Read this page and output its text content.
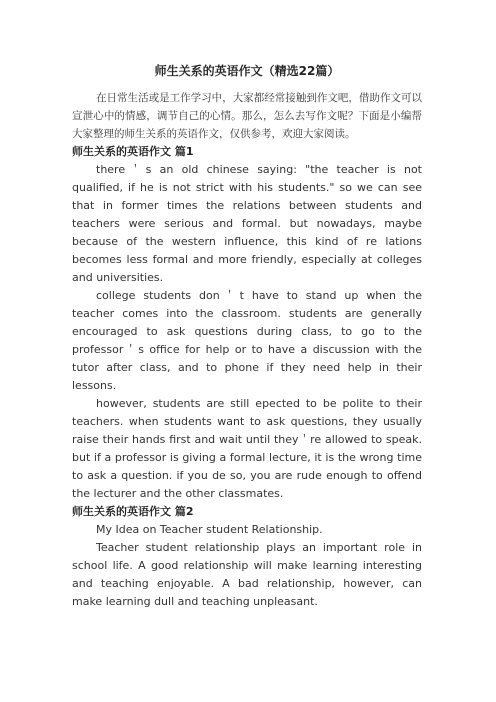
师生关系的英语作文（精选22篇）

在日常生活或是工作学习中，大家都经常接触到作文吧，借助作文可以宣泄心中的情感，调节自己的心情。那么，怎么去写作文呢？下面是小编帮大家整理的师生关系的英语作文，仅供参考，欢迎大家阅读。

师生关系的英语作文 篇1

there＇s an old chinese saying: "the teacher is not qualified, if he is not strict with his students." so we can see that in former times the relations between students and teachers were serious and formal. but nowadays, maybe because of the western influence, this kind of re lations becomes less formal and more friendly, especially at colleges and universities.

college students don＇t have to stand up when the teacher comes into the classroom. students are generally encouraged to ask questions during class, to go to the professor＇s office for help or to have a discussion with the tutor after class, and to phone if they need help in their lessons.

however, students are still epected to be polite to their teachers. when students want to ask questions, they usually raise their hands first and wait until they＇re allowed to speak. but if a professor is giving a formal lecture, it is the wrong time to ask a question. if you de so, you are rude enough to offend the lecturer and the other classmates.

师生关系的英语作文 篇2

My Idea on Teacher student Relationship.

Teacher student relationship plays an important role in school life. A good relationship will make learning interesting and teaching enjoyable. A bad relationship, however, can make learning dull and teaching unpleasant.
